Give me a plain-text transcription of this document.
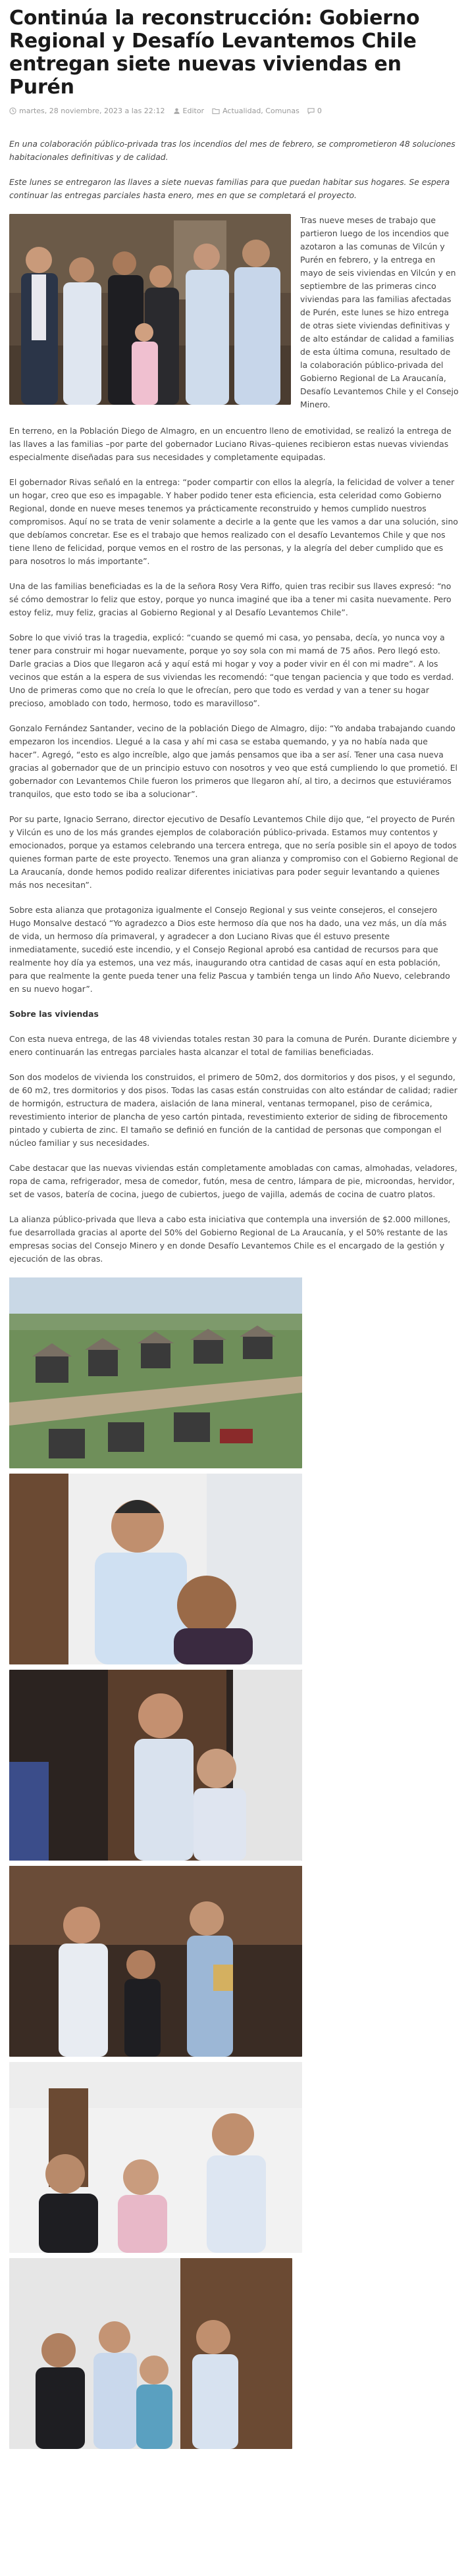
Continúa la reconstrucción: Gobierno Regional y Desafío Levantemos Chile entregan siete nuevas viviendas en Purén
martes, 28 noviembre, 2023 a las 22:12 Editor	Actualidad, Comunas 0

En una colaboración público-privada tras los incendios del mes de febrero, se comprometieron 48 soluciones habitacionales definitivas y de calidad.

Este lunes se entregaron las llaves a siete nuevas familias para que puedan habitar sus hogares. Se espera continuar las entregas parciales hasta enero, mes en que se completará el proyecto.

Tras nueve meses de trabajo que partieron luego de los incendios que azotaron a las comunas de Vilcún y Purén en febrero, y la entrega en mayo de seis viviendas en Vilcún y en septiembre de las primeras cinco viviendas para las familias afectadas de Purén, este lunes se hizo entrega de otras siete viviendas definitivas y de alto estándar de calidad a familias de esta última comuna, resultado de la colaboración público-privada del Gobierno Regional de La Araucanía, Desafío Levantemos Chile y el Consejo Minero.

En terreno, en la Población Diego de Almagro, en un encuentro lleno de emotividad, se realizó la entrega de las llaves a las familias –por parte del gobernador Luciano Rivas–quienes recibieron estas nuevas viviendas especialmente diseñadas para sus necesidades y completamente equipadas.

El gobernador Rivas señaló en la entrega: “poder compartir con ellos la alegría, la felicidad de volver a tener un hogar, creo que eso es impagable. Y haber podido tener esta eficiencia, esta celeridad como Gobierno Regional, donde en nueve meses tenemos ya prácticamente reconstruido y hemos cumplido nuestros compromisos. Aquí no se trata de venir solamente a decirle a la gente que les vamos a dar una solución, sino que debíamos concretar. Ese es el trabajo que hemos realizado con el desafío Levantemos Chile y que nos tiene lleno de felicidad, porque vemos en el rostro de las personas, y la alegría del deber cumplido que es para nosotros lo más importante”.

Una de las familias beneficiadas es la de la señora Rosy Vera Riffo, quien tras recibir sus llaves expresó: “no sé cómo demostrar lo feliz que estoy, porque yo nunca imaginé que iba a tener mi casita nuevamente. Pero estoy feliz, muy feliz, gracias al Gobierno Regional y al Desafío Levantemos Chile”.

Sobre lo que vivió tras la tragedia, explicó: “cuando se quemó mi casa, yo pensaba, decía, yo nunca voy a tener para construir mi hogar nuevamente, porque yo soy sola con mi mamá de 75 años. Pero llegó esto. Darle gracias a Dios que llegaron acá y aquí está mi hogar y voy a poder vivir en él con mi madre”. A los vecinos que están a la espera de sus viviendas les recomendó: “que tengan paciencia y que todo es verdad. Uno de primeras como que no creía lo que le ofrecían, pero que todo es verdad y van a tener su hogar precioso, amoblado con todo, hermoso, todo es maravilloso”.

Gonzalo Fernández Santander, vecino de la población Diego de Almagro, dijo: “Yo andaba trabajando cuando empezaron los incendios. Llegué a la casa y ahí mi casa se estaba quemando, y ya no había nada que hacer”. Agregó, “esto es algo increíble, algo que jamás pensamos que iba a ser así. Tener una casa nueva gracias al gobernador que de un principio estuvo con nosotros y veo que está cumpliendo lo que prometió. El gobernador con Levantemos Chile fueron los primeros que llegaron ahí, al tiro, a decirnos que estuviéramos tranquilos, que esto todo se iba a solucionar”.

Por su parte, Ignacio Serrano, director ejecutivo de Desafío Levantemos Chile dijo que, “el proyecto de Purén y Vilcún es uno de los más grandes ejemplos de colaboración público-privada. Estamos muy contentos y emocionados, porque ya estamos celebrando una tercera entrega, que no sería posible sin el apoyo de todos quienes forman parte de este proyecto. Tenemos una gran alianza y compromiso con el Gobierno Regional de La Araucanía, donde hemos podido realizar diferentes iniciativas para poder seguir levantando a quienes más nos necesitan”.

Sobre esta alianza que protagoniza igualmente el Consejo Regional y sus veinte consejeros, el consejero Hugo Monsalve destacó “Yo agradezco a Dios este hermoso día que nos ha dado, una vez más, un día más de vida, un hermoso día primaveral, y agradecer a don Luciano Rivas que él estuvo presente inmediatamente, sucedió este incendio, y el Consejo Regional aprobó esa cantidad de recursos para que realmente hoy día ya estemos, una vez más, inaugurando otra cantidad de casas aquí en esta población, para que realmente la gente pueda tener una feliz Pascua y también tenga un lindo Año Nuevo, celebrando en su nuevo hogar”.

Sobre las viviendas

Con esta nueva entrega, de las 48 viviendas totales restan 30 para la comuna de Purén. Durante diciembre y enero continuarán las entregas parciales hasta alcanzar el total de familias beneficiadas.

Son dos modelos de vivienda los construidos, el primero de 50m2, dos dormitorios y dos pisos, y el segundo, de 60 m2, tres dormitorios y dos pisos. Todas las casas están construidas con alto estándar de calidad; radier de hormigón, estructura de madera, aislación de lana mineral, ventanas termopanel, piso de cerámica, revestimiento interior de plancha de yeso cartón pintada, revestimiento exterior de siding de fibrocemento pintado y cubierta de zinc. El tamaño se definió en función de la cantidad de personas que compongan el núcleo familiar y sus necesidades.

Cabe destacar que las nuevas viviendas están completamente amobladas con camas, almohadas, veladores, ropa de cama, refrigerador, mesa de comedor, futón, mesa de centro, lámpara de pie, microondas, hervidor, set de vasos, batería de cocina, juego de cubiertos, juego de vajilla, además de cocina de cuatro platos.

La alianza público-privada que lleva a cabo esta iniciativa que contempla una inversión de $2.000 millones, fue desarrollada gracias al aporte del 50% del Gobierno Regional de La Araucanía, y el 50% restante de las empresas socias del Consejo Minero y en donde Desafío Levantemos Chile es el encargado de la gestión y ejecución de las obras.
